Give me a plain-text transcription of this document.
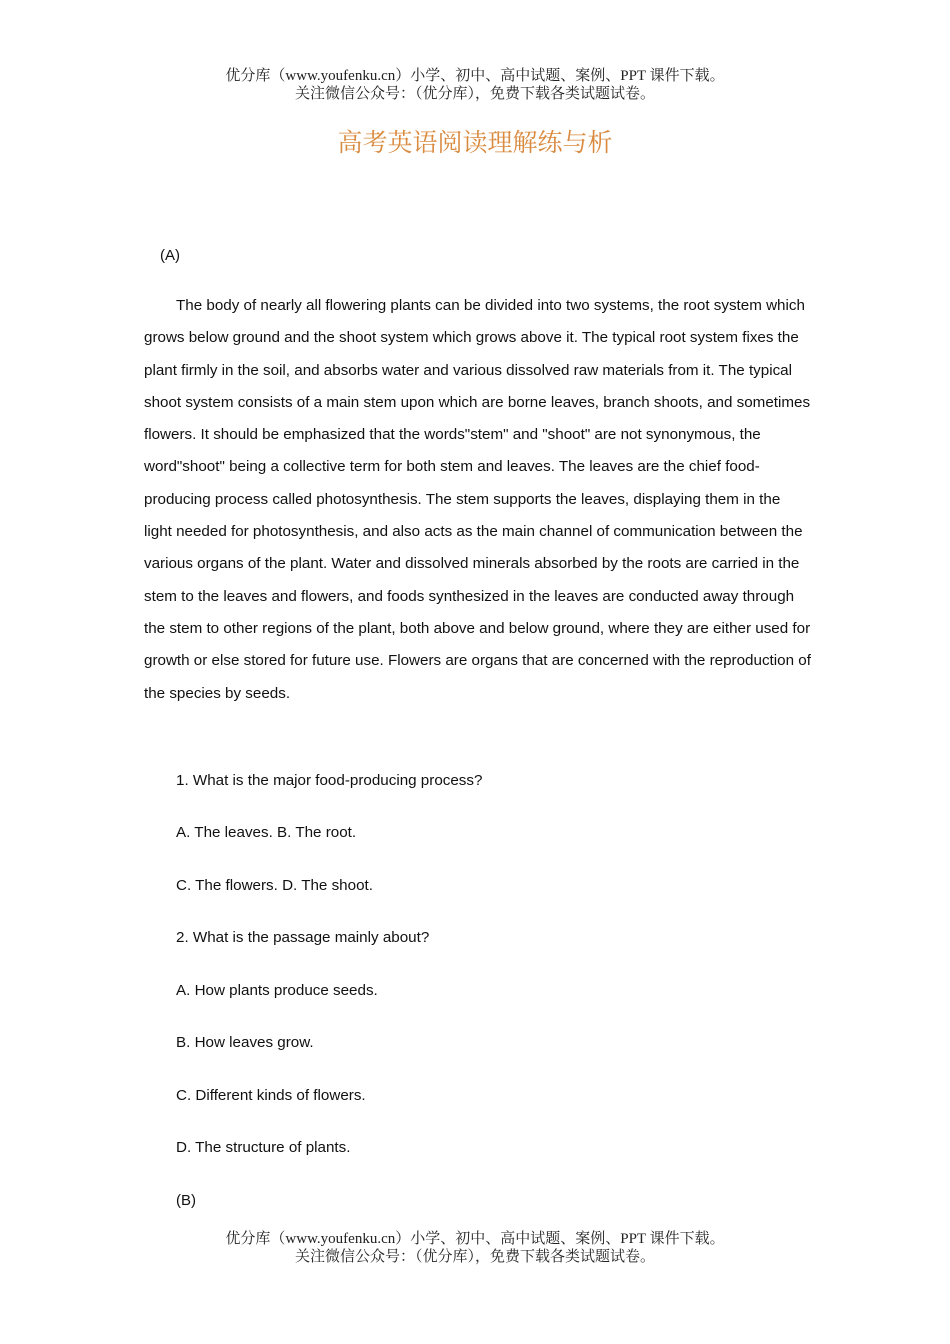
优分库（www.youfenku.cn）小学、初中、高中试题、案例、PPT 课件下载。
关注微信公众号：（优分库），免费下载各类试题试卷。
高考英语阅读理解练与析
(A)

The body of nearly all flowering plants can be divided into two systems, the root system which grows below ground and the shoot system which grows above it. The typical root system fixes the plant firmly in the soil, and absorbs water and various dissolved raw materials from it. The typical shoot system consists of a main stem upon which are borne leaves, branch shoots, and sometimes flowers. It should be emphasized that the words"stem" and "shoot" are not synonymous, the word"shoot" being a collective term for both stem and leaves. The leaves are the chief food-producing process called photosynthesis. The stem supports the leaves, displaying them in the light needed for photosynthesis, and also acts as the main channel of communication between the various organs of the plant. Water and dissolved minerals absorbed by the roots are carried in the stem to the leaves and flowers, and foods synthesized in the leaves are conducted away through the stem to other regions of the plant, both above and below ground, where they are either used for growth or else stored for future use. Flowers are organs that are concerned with the reproduction of the species by seeds.

1. What is the major food-producing process?
A. The leaves. B. The root.
C. The flowers. D. The shoot.
2. What is the passage mainly about?
A. How plants produce seeds.
B. How leaves grow.
C. Different kinds of flowers.
D. The structure of plants.
(B)
优分库（www.youfenku.cn）小学、初中、高中试题、案例、PPT 课件下载。
关注微信公众号：（优分库），免费下载各类试题试卷。
